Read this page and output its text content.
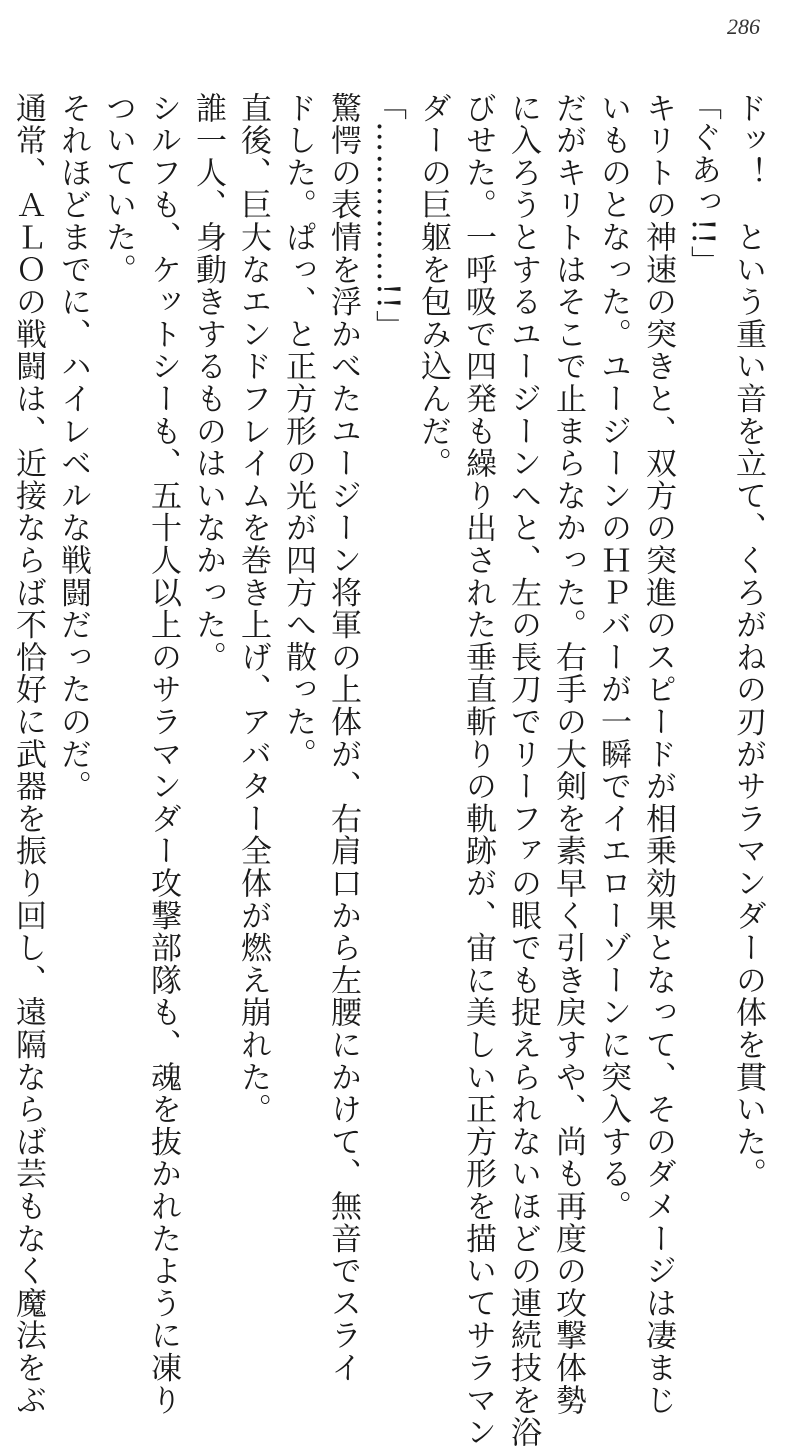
286
ドッ！　という重い音を立て、くろがねの刃がサラマンダーの体を貫いた。
「ぐあっ!!」
キリトの神速の突きと、双方の突進のスピードが相乗効果となって、そのダメージは凄まじ
いものとなった。ユージーンのＨＰバーが一瞬でイエローゾーンに突入する。
だがキリトはそこで止まらなかった。右手の大剣を素早く引き戻すや、尚も再度の攻撃体勢
に入ろうとするユージーンへと、左の長刀でリーファの眼でも捉えられないほどの連続技を浴
びせた。一呼吸で四発も繰り出された垂直斬りの軌跡が、宙に美しい正方形を描いてサラマン
ダーの巨躯を包み込んだ。
「……………!!」
驚愕の表情を浮かべたユージーン将軍の上体が、右肩口から左腰にかけて、無音でスライ
ドした。ぱっ、と正方形の光が四方へ散った。
直後、巨大なエンドフレイムを巻き上げ、アバター全体が燃え崩れた。
誰一人、身動きするものはいなかった。
シルフも、ケットシーも、五十人以上のサラマンダー攻撃部隊も、魂を抜かれたように凍り
ついていた。
それほどまでに、ハイレベルな戦闘だったのだ。
通常、ＡＬＯの戦闘は、近接ならば不恰好に武器を振り回し、遠隔ならば芸もなく魔法をぶ
